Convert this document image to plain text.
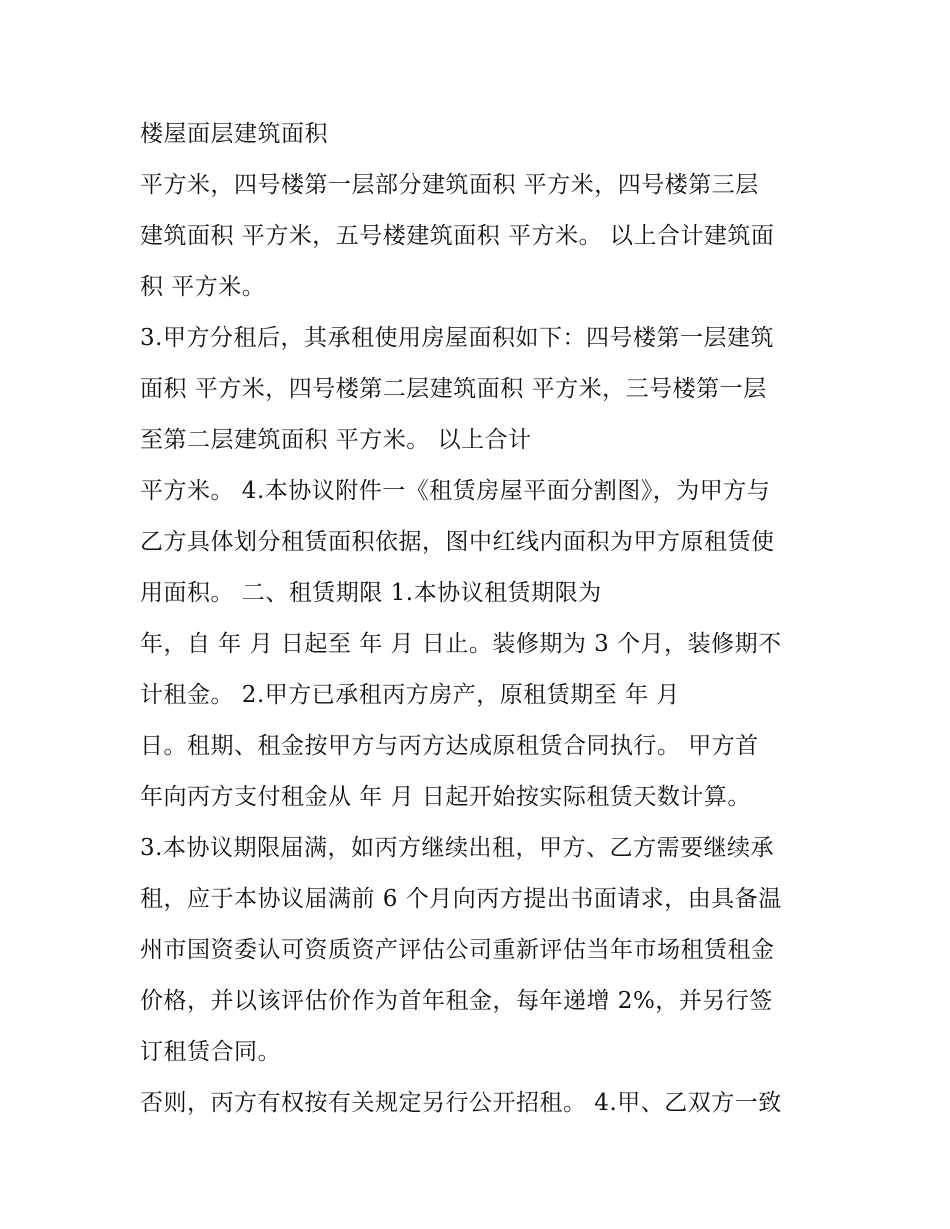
楼屋面层建筑面积
平方米，四号楼第一层部分建筑面积 平方米，四号楼第三层
建筑面积 平方米，五号楼建筑面积 平方米。 以上合计建筑面
积 平方米。
3.甲方分租后，其承租使用房屋面积如下：四号楼第一层建筑
面积 平方米，四号楼第二层建筑面积 平方米，三号楼第一层
至第二层建筑面积 平方米。 以上合计
平方米。 4.本协议附件一《租赁房屋平面分割图》，为甲方与
乙方具体划分租赁面积依据，图中红线内面积为甲方原租赁使
用面积。 二、租赁期限 1.本协议租赁期限为
年，自 年 月 日起至 年 月 日止。装修期为 3 个月，装修期不
计租金。 2.甲方已承租丙方房产，原租赁期至 年 月
日。租期、租金按甲方与丙方达成原租赁合同执行。 甲方首
年向丙方支付租金从 年 月 日起开始按实际租赁天数计算。
3.本协议期限届满，如丙方继续出租，甲方、乙方需要继续承
租，应于本协议届满前 6 个月向丙方提出书面请求，由具备温
州市国资委认可资质资产评估公司重新评估当年市场租赁租金
价格，并以该评估价作为首年租金，每年递增 2%，并另行签
订租赁合同。
否则，丙方有权按有关规定另行公开招租。 4.甲、乙双方一致
